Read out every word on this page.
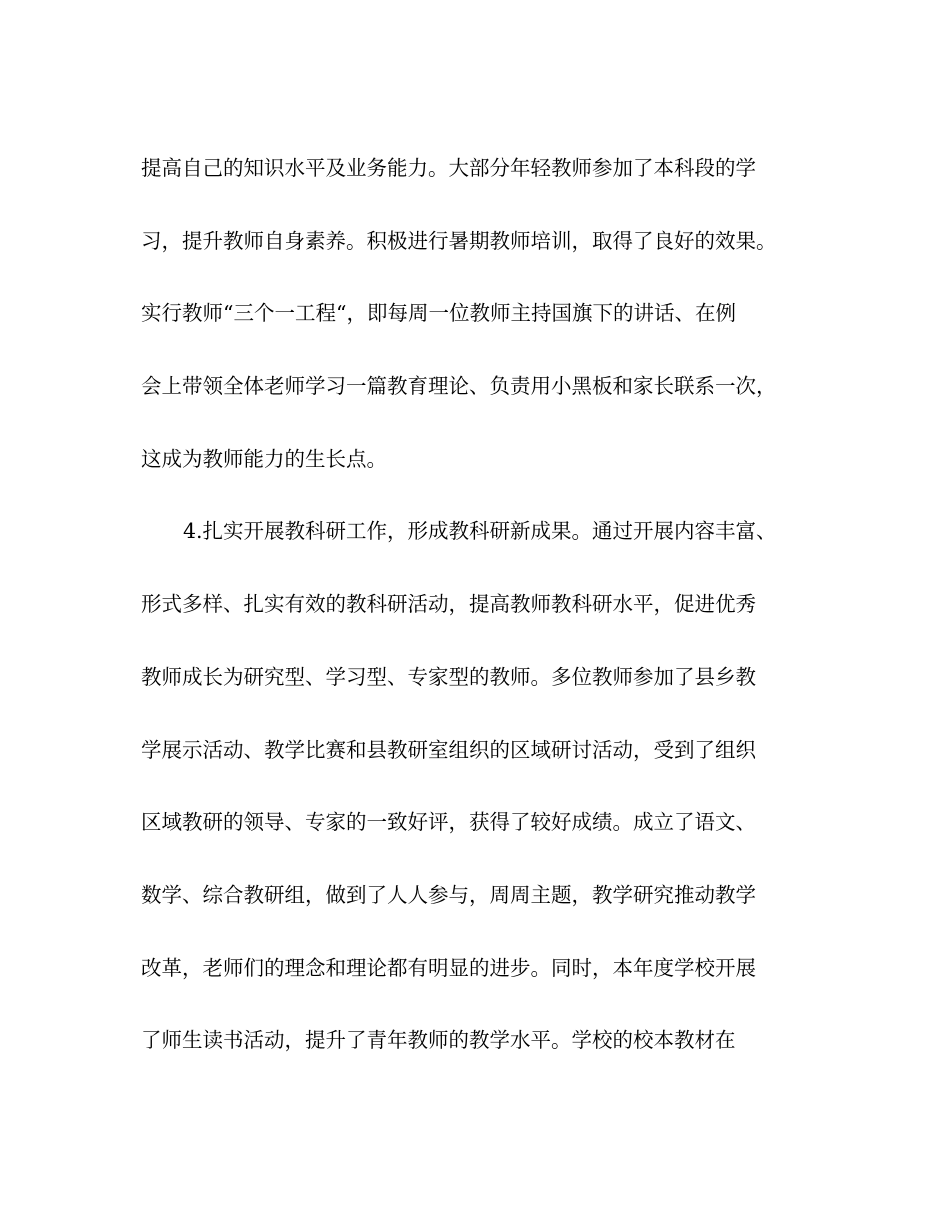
提高自己的知识水平及业务能力。大部分年轻教师参加了本科段的学
习，提升教师自身素养。积极进行暑期教师培训，取得了良好的效果。
实行教师“三个一工程“，即每周一位教师主持国旗下的讲话、在例
会上带领全体老师学习一篇教育理论、负责用小黑板和家长联系一次，
这成为教师能力的生长点。
4.扎实开展教科研工作，形成教科研新成果。通过开展内容丰富、
形式多样、扎实有效的教科研活动，提高教师教科研水平，促进优秀
教师成长为研究型、学习型、专家型的教师。多位教师参加了县乡教
学展示活动、教学比赛和县教研室组织的区域研讨活动，受到了组织
区域教研的领导、专家的一致好评，获得了较好成绩。成立了语文、
数学、综合教研组，做到了人人参与，周周主题，教学研究推动教学
改革，老师们的理念和理论都有明显的进步。同时，本年度学校开展
了师生读书活动，提升了青年教师的教学水平。学校的校本教材在
